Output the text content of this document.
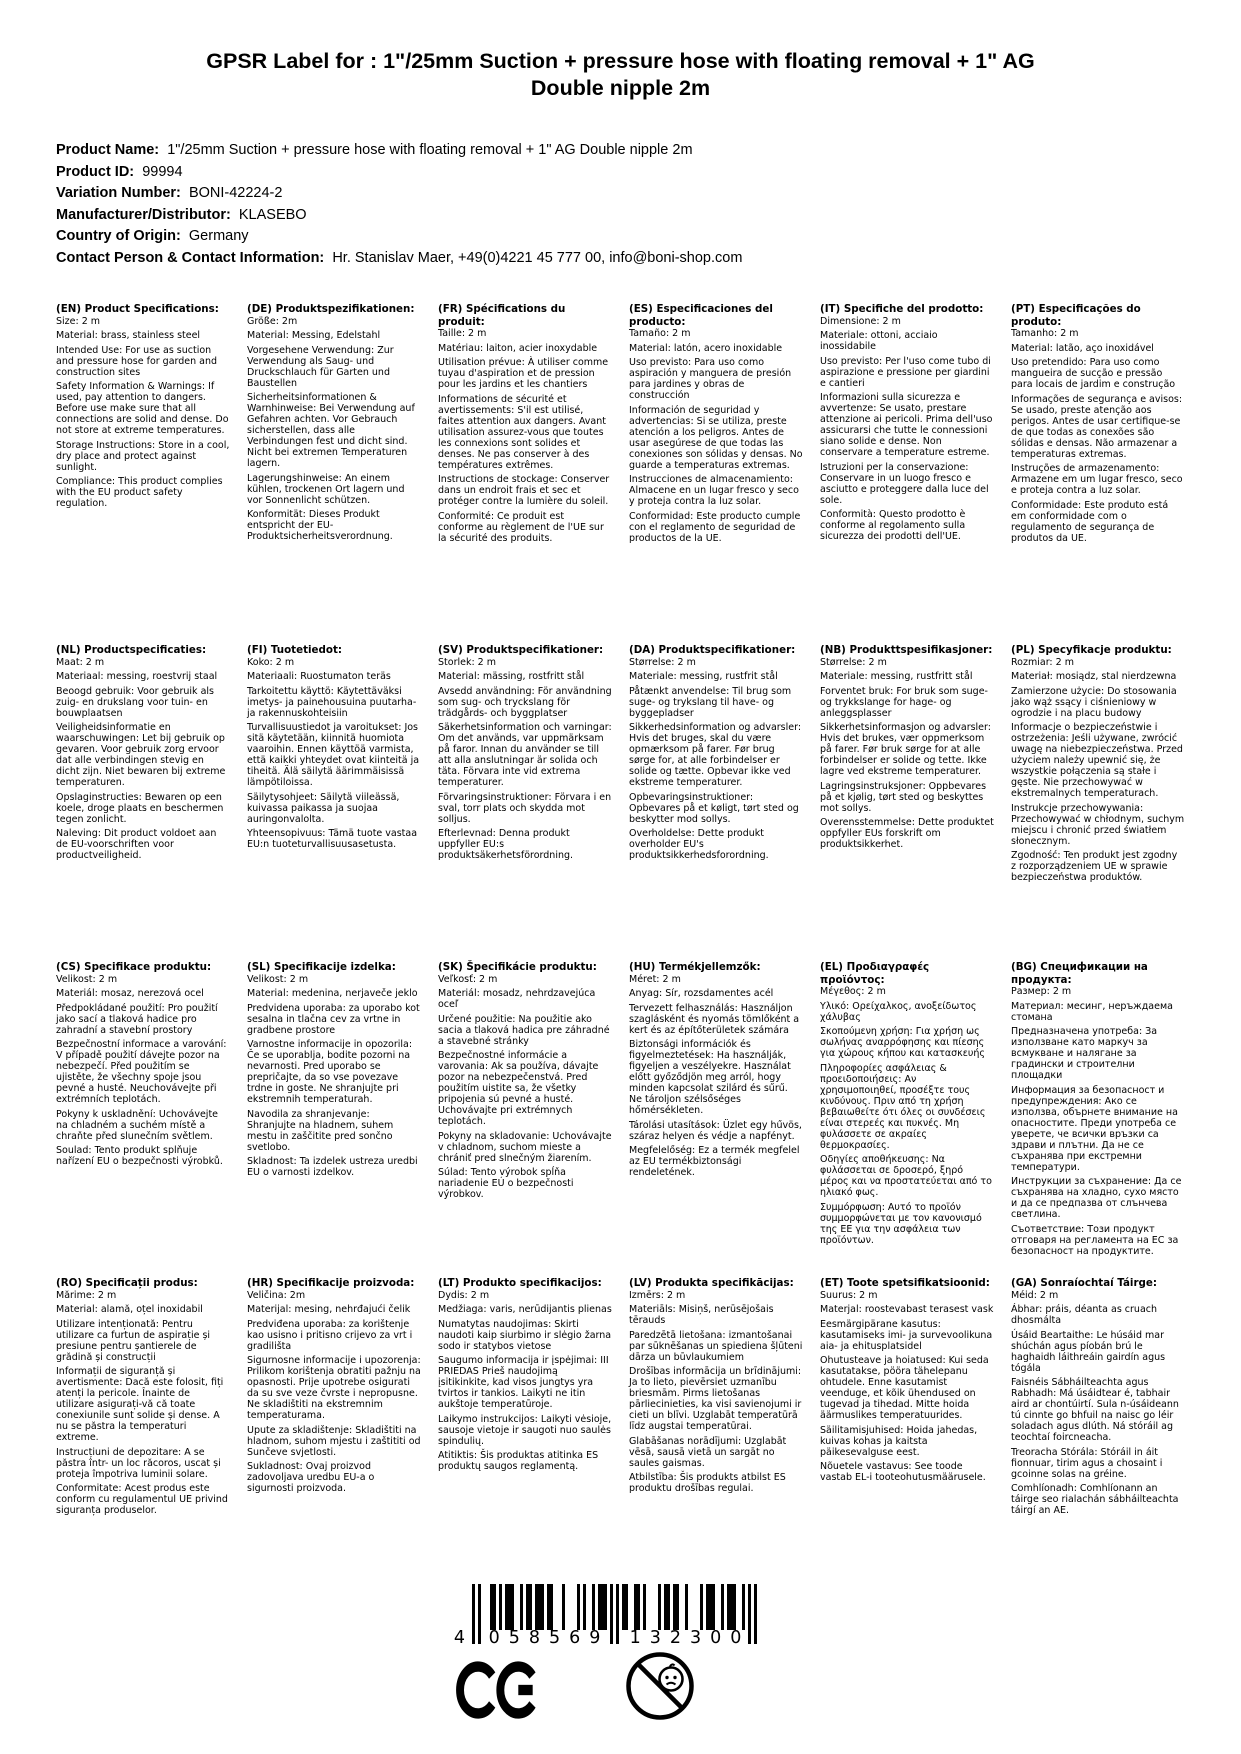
GPSR Label for : 1"/25mm Suction + pressure hose with floating removal + 1" AG Double nipple 2m
Product Name:  1"/25mm Suction + pressure hose with floating removal + 1" AG Double nipple 2m
Product ID:  99994
Variation Number:  BONI-42224-2
Manufacturer/Distributor:  KLASEBO
Country of Origin:  Germany
Contact Person & Contact Information:  Hr. Stanislav Maer, +49(0)4221 45 777 00, info@boni-shop.com
(EN) Product Specifications:
Size: 2 m
Material: brass, stainless steel
Intended Use: For use as suction and pressure hose for garden and construction sites
Safety Information & Warnings: If used, pay attention to dangers. Before use make sure that all connections are solid and dense. Do not store at extreme temperatures.
Storage Instructions: Store in a cool, dry place and protect against sunlight.
Compliance: This product complies with the EU product safety regulation.
(DE) Produktspezifikationen:
Größe: 2m
Material: Messing, Edelstahl
Vorgesehene Verwendung: Zur Verwendung als Saug- und Druckschlauch für Garten und Baustellen
Sicherheitsinformationen & Warnhinweise: Bei Verwendung auf Gefahren achten. Vor Gebrauch sicherstellen, dass alle Verbindungen fest und dicht sind. Nicht bei extremen Temperaturen lagern.
Lagerungshinweise: An einem kühlen, trockenen Ort lagern und vor Sonnenlicht schützen.
Konformität: Dieses Produkt entspricht der EU-Produktsicherheitsverordnung.
(FR) Spécifications du produit:
Taille: 2 m
Matériau: laiton, acier inoxydable
Utilisation prévue: À utiliser comme tuyau d'aspiration et de pression pour les jardins et les chantiers
Informations de sécurité et avertissements: S'il est utilisé, faites attention aux dangers. Avant utilisation assurez-vous que toutes les connexions sont solides et denses. Ne pas conserver à des températures extrêmes.
Instructions de stockage: Conserver dans un endroit frais et sec et protéger contre la lumière du soleil.
Conformité: Ce produit est conforme au règlement de l'UE sur la sécurité des produits.
(ES) Especificaciones del producto:
Tamaño: 2 m
Material: latón, acero inoxidable
Uso previsto: Para uso como aspiración y manguera de presión para jardines y obras de construcción
Información de seguridad y advertencias: Si se utiliza, preste atención a los peligros. Antes de usar asegúrese de que todas las conexiones son sólidas y densas. No guarde a temperaturas extremas.
Instrucciones de almacenamiento: Almacene en un lugar fresco y seco y proteja contra la luz solar.
Conformidad: Este producto cumple con el reglamento de seguridad de productos de la UE.
(IT) Specifiche del prodotto:
Dimensione: 2 m
Materiale: ottoni, acciaio inossidabile
Uso previsto: Per l'uso come tubo di aspirazione e pressione per giardini e cantieri
Informazioni sulla sicurezza e avvertenze: Se usato, prestare attenzione ai pericoli. Prima dell'uso assicurarsi che tutte le connessioni siano solide e dense. Non conservare a temperature estreme.
Istruzioni per la conservazione: Conservare in un luogo fresco e asciutto e proteggere dalla luce del sole.
Conformità: Questo prodotto è conforme al regolamento sulla sicurezza dei prodotti dell'UE.
(PT) Especificações do produto:
Tamanho: 2 m
Material: latão, aço inoxidável
Uso pretendido: Para uso como mangueira de sucção e pressão para locais de jardim e construção
Informações de segurança e avisos: Se usado, preste atenção aos perigos. Antes de usar certifique-se de que todas as conexões são sólidas e densas. Não armazenar a temperaturas extremas.
Instruções de armazenamento: Armazene em um lugar fresco, seco e proteja contra a luz solar.
Conformidade: Este produto está em conformidade com o regulamento de segurança de produtos da UE.
(NL) Productspecificaties:
Maat: 2 m
Materiaal: messing, roestvrij staal
Beoogd gebruik: Voor gebruik als zuig- en drukslang voor tuin- en bouwplaatsen
Veiligheidsinformatie en waarschuwingen: Let bij gebruik op gevaren. Voor gebruik zorg ervoor dat alle verbindingen stevig en dicht zijn. Niet bewaren bij extreme temperaturen.
Opslaginstructies: Bewaren op een koele, droge plaats en beschermen tegen zonlicht.
Naleving: Dit product voldoet aan de EU-voorschriften voor productveiligheid.
(FI) Tuotetiedot:
Koko: 2 m
Materiaali: Ruostumaton teräs
Tarkoitettu käyttö: Käytettäväksi imetys- ja painehousuina puutarha- ja rakennuskohteisiin
Turvallisuustiedot ja varoitukset: Jos sitä käytetään, kiinnitä huomiota vaaroihin. Ennen käyttöä varmista, että kaikki yhteydet ovat kiinteitä ja tiheitä. Älä säilytä äärimmäisissä lämpötiloissa.
Säilytysohjeet: Säilytä viileässä, kuivassa paikassa ja suojaa auringonvalolta.
Yhteensopivuus: Tämä tuote vastaa EU:n tuoteturvallisuusasetusta.
(SV) Produktspecifikationer:
Storlek: 2 m
Material: mässing, rostfritt stål
Avsedd användning: För användning som sug- och tryckslang för trädgårds- och byggplatser
Säkerhetsinformation och varningar: Om det används, var uppmärksam på faror. Innan du använder se till att alla anslutningar är solida och täta. Förvara inte vid extrema temperaturer.
Förvaringsinstruktioner: Förvara i en sval, torr plats och skydda mot solljus.
Efterlevnad: Denna produkt uppfyller EU:s produktsäkerhetsförordning.
(DA) Produktspecifikationer:
Størrelse: 2 m
Materiale: messing, rustfrit stål
Påtænkt anvendelse: Til brug som suge- og trykslang til have- og byggepladser
Sikkerhedsinformation og advarsler: Hvis det bruges, skal du være opmærksom på farer. Før brug sørge for, at alle forbindelser er solide og tætte. Opbevar ikke ved ekstreme temperaturer.
Opbevaringsinstruktioner: Opbevares på et køligt, tørt sted og beskytter mod sollys.
Overholdelse: Dette produkt overholder EU's produktsikkerhedsforordning.
(NB) Produkttspesifikasjoner:
Størrelse: 2 m
Materiale: messing, rustfritt stål
Forventet bruk: For bruk som suge- og trykkslange for hage- og anleggsplasser
Sikkerhetsinformasjon og advarsler: Hvis det brukes, vær oppmerksom på farer. Før bruk sørge for at alle forbindelser er solide og tette. Ikke lagre ved ekstreme temperaturer.
Lagringsinstruksjoner: Oppbevares på et kjølig, tørt sted og beskyttes mot sollys.
Overensstemmelse: Dette produktet oppfyller EUs forskrift om produktsikkerhet.
(PL) Specyfikacje produktu:
Rozmiar: 2 m
Materiał: mosiądz, stal nierdzewna
Zamierzone użycie: Do stosowania jako wąż ssący i ciśnieniowy w ogrodzie i na placu budowy
Informacje o bezpieczeństwie i ostrzeżenia: Jeśli używane, zwrócić uwagę na niebezpieczeństwa. Przed użyciem należy upewnić się, że wszystkie połączenia są stałe i gęste. Nie przechowywać w ekstremalnych temperaturach.
Instrukcje przechowywania: Przechowywać w chłodnym, suchym miejscu i chronić przed światłem słonecznym.
Zgodność: Ten produkt jest zgodny z rozporządzeniem UE w sprawie bezpieczeństwa produktów.
(CS) Specifikace produktu:
Velikost: 2 m
Materiál: mosaz, nerezová ocel
Předpokládané použití: Pro použití jako sací a tlaková hadice pro zahradní a stavební prostory
Bezpečnostní informace a varování: V případě použití dávejte pozor na nebezpečí. Před použitím se ujistěte, že všechny spoje jsou pevné a husté. Neuchovávejte při extrémních teplotách.
Pokyny k uskladnění: Uchovávejte na chladném a suchém místě a chraňte před slunečním světlem.
Soulad: Tento produkt splňuje nařízení EU o bezpečnosti výrobků.
(SL) Specifikacije izdelka:
Velikost: 2 m
Material: medenina, nerjaveče jeklo
Predvidena uporaba: za uporabo kot sesalna in tlačna cev za vrtne in gradbene prostore
Varnostne informacije in opozorila: Če se uporablja, bodite pozorni na nevarnosti. Pred uporabo se prepričajte, da so vse povezave trdne in goste. Ne shranjujte pri ekstremnih temperaturah.
Navodila za shranjevanje: Shranjujte na hladnem, suhem mestu in zaščitite pred sončno svetlobo.
Skladnost: Ta izdelek ustreza uredbi EU o varnosti izdelkov.
(SK) Špecifikácie produktu:
Veľkosť: 2 m
Materiál: mosadz, nehrdzavejúca oceľ
Určené použitie: Na použitie ako sacia a tlaková hadica pre záhradné a stavebné stránky
Bezpečnostné informácie a varovania: Ak sa používa, dávajte pozor na nebezpečenstvá. Pred použitím uistite sa, že všetky pripojenia sú pevné a husté. Uchovávajte pri extrémnych teplotách.
Pokyny na skladovanie: Uchovávajte v chladnom, suchom mieste a chrániť pred slnečným žiarením.
Súlad: Tento výrobok spĺňa nariadenie EÚ o bezpečnosti výrobkov.
(HU) Termékjellemzők:
Méret: 2 m
Anyag: Sír, rozsdamentes acél
Tervezett felhasználás: Használjon szaglásként és nyomás tömlőként a kert és az építőterületek számára
Biztonsági információk és figyelmeztetések: Ha használják, figyeljen a veszélyekre. Használat előtt győződjön meg arról, hogy minden kapcsolat szilárd és sűrű. Ne tároljon szélsőséges hőmérsékleten.
Tárolási utasítások: Üzlet egy hűvös, száraz helyen és védje a napfényt.
Megfelelőség: Ez a termék megfelel az EU termékbiztonsági rendeletének.
(EL) Προδιαγραφές προϊόντος:
Μέγεθος: 2 m
Υλικό: Ορείχαλκος, ανοξείδωτος χάλυβας
Σκοπούμενη χρήση: Για χρήση ως σωλήνας αναρρόφησης και πίεσης για χώρους κήπου και κατασκευής
Πληροφορίες ασφάλειας & προειδοποιήσεις: Αν χρησιμοποιηθεί, προσέξτε τους κινδύνους. Πριν από τη χρήση βεβαιωθείτε ότι όλες οι συνδέσεις είναι στερεές και πυκνές. Μη φυλάσσετε σε ακραίες θερμοκρασίες.
Οδηγίες αποθήκευσης: Να φυλάσσεται σε δροσερό, ξηρό μέρος και να προστατεύεται από το ηλιακό φως.
Συμμόρφωση: Αυτό το προϊόν συμμορφώνεται με τον κανονισμό της ΕΕ για την ασφάλεια των προϊόντων.
(BG) Спецификации на продукта:
Размер: 2 m
Материал: месинг, неръждаема стомана
Предназначена употреба: За използване като маркуч за всмукване и налягане за градински и строителни площадки
Информация за безопасност и предупреждения: Ако се използва, обърнете внимание на опасностите. Преди употреба се уверете, че всички връзки са здрави и плътни. Да не се съхранява при екстремни температури.
Инструкции за съхранение: Да се съхранява на хладно, сухо място и да се предпазва от слънчева светлина.
Съответствие: Този продукт отговаря на регламента на ЕС за безопасност на продуктите.
(RO) Specificații produs:
Mărime: 2 m
Material: alamă, oțel inoxidabil
Utilizare intenționată: Pentru utilizare ca furtun de aspirație și presiune pentru șantierele de grădină și construcții
Informații de siguranță și avertismente: Dacă este folosit, fiți atenți la pericole. Înainte de utilizare asigurați-vă că toate conexiunile sunt solide și dense. A nu se păstra la temperaturi extreme.
Instrucțiuni de depozitare: A se păstra într- un loc răcoros, uscat și proteja împotriva luminii solare.
Conformitate: Acest produs este conform cu regulamentul UE privind siguranța produselor.
(HR) Specifikacije proizvoda:
Veličina: 2m
Materijal: mesing, nehrđajući čelik
Predviđena uporaba: za korištenje kao usisno i pritisno crijevo za vrt i gradilišta
Sigurnosne informacije i upozorenja: Prilikom korištenja obratiti pažnju na opasnosti. Prije upotrebe osigurati da su sve veze čvrste i nepropusne. Ne skladištiti na ekstremnim temperaturama.
Upute za skladištenje: Skladištiti na hladnom, suhom mjestu i zaštititi od Sunčeve svjetlosti.
Sukladnost: Ovaj proizvod zadovoljava uredbu EU-a o sigurnosti proizvoda.
(LT) Produkto specifikacijos:
Dydis: 2 m
Medžiaga: varis, nerūdijantis plienas
Numatytas naudojimas: Skirti naudoti kaip siurbimo ir slėgio žarna sodo ir statybos vietose
Saugumo informacija ir įspėjimai: III PRIEDAS Prieš naudojimą įsitikinkite, kad visos jungtys yra tvirtos ir tankios. Laikyti ne itin aukštoje temperatūroje.
Laikymo instrukcijos: Laikyti vėsioje, sausoje vietoje ir saugoti nuo saulės spindulių.
Atitiktis: Šis produktas atitinka ES produktų saugos reglamentą.
(LV) Produkta specifikācijas:
Izmērs: 2 m
Materiāls: Misiņš, nerūsējošais tērauds
Paredzētā lietošana: izmantošanai par sūknēšanas un spiediena šļūteni dārza un būvlaukumiem
Drošības informācija un brīdinājumi: Ja to lieto, pievērsiet uzmanību briesmām. Pirms lietošanas pārliecinieties, ka visi savienojumi ir cieti un blīvi. Uzglabāt temperatūrā līdz augstai temperatūrai.
Glabāšanas norādījumi: Uzglabāt vēsā, sausā vietā un sargāt no saules gaismas.
Atbilstība: Šis produkts atbilst ES produktu drošības regulai.
(ET) Toote spetsifikatsioonid:
Suurus: 2 m
Materjal: roostevabast terasest vask
Eesmärgipärane kasutus: kasutamiseks imi- ja survevoolikuna aia- ja ehitusplatsidel
Ohutusteave ja hoiatused: Kui seda kasutatakse, pööra tähelepanu ohtudele. Enne kasutamist veenduge, et kõik ühendused on tugevad ja tihedad. Mitte hoida äärmuslikes temperatuurides.
Säilitamisjuhised: Hoida jahedas, kuivas kohas ja kaitsta päikesevalguse eest.
Nõuetele vastavus: See toode vastab EL-i tooteohutusmäärusele.
(GA) Sonraíochtaí Táirge:
Méid: 2 m
Ábhar: práis, déanta as cruach dhosmálta
Úsáid Beartaithe: Le húsáid mar shúchán agus píobán brú le haghaidh láithreáin gairdín agus tógála
Faisnéis Sábháilteachta agus Rabhadh: Má úsáidtear é, tabhair aird ar chontúirtí. Sula n-úsáideann tú cinnte go bhfuil na naisc go léir soladach agus dlúth. Ná stóráil ag teochtaí foircneacha.
Treoracha Stórála: Stóráil in áit fionnuar, tirim agus a chosaint i gcoinne solas na gréine.
Comhlíonadh: Comhlíonann an táirge seo rialachán sábháilteachta táirgí an AE.
4 058569 132300
